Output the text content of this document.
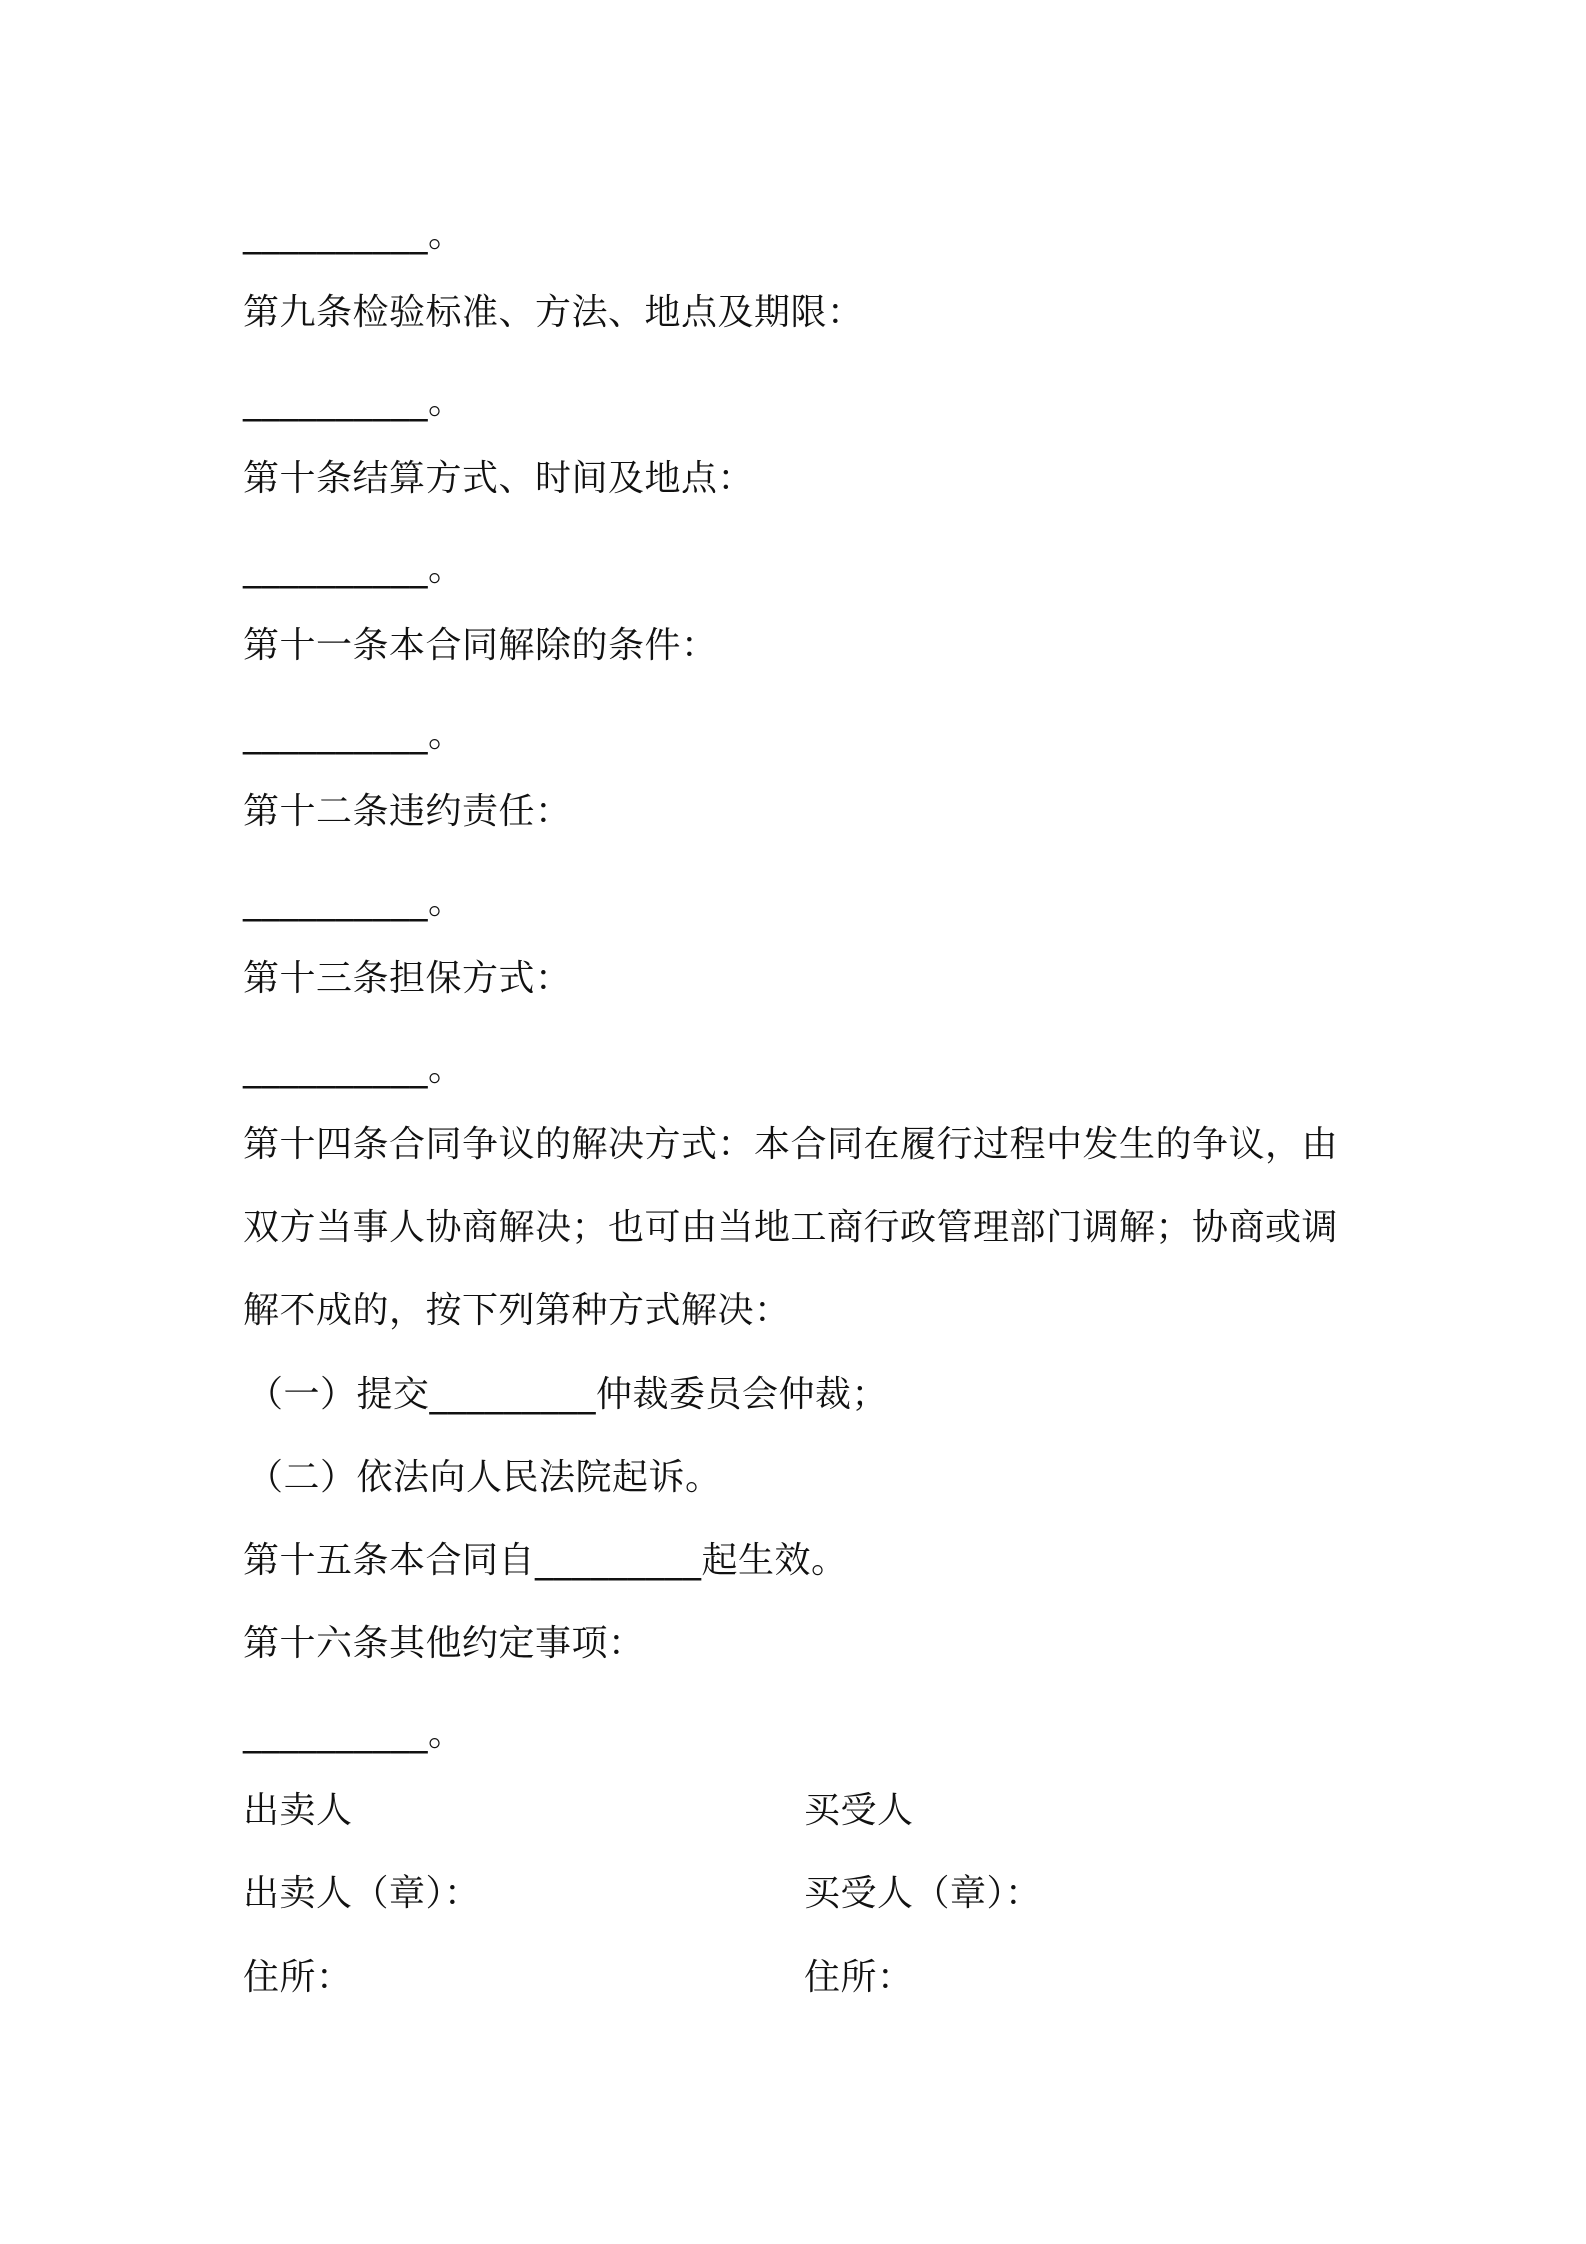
__________。
第九条检验标准、方法、地点及期限：
__________。
第十条结算方式、时间及地点：
__________。
第十一条本合同解除的条件：
__________。
第十二条违约责任：
__________。
第十三条担保方式：
__________。
第十四条合同争议的解决方式：本合同在履行过程中发生的争议，由
双方当事人协商解决；也可由当地工商行政管理部门调解；协商或调
解不成的，按下列第种方式解决：
（一）提交_________仲裁委员会仲裁；
（二）依法向人民法院起诉。
第十五条本合同自_________起生效。
第十六条其他约定事项：
__________。
出卖人	买受人
出卖人（章）：	买受人（章）：
住所：	住所：
